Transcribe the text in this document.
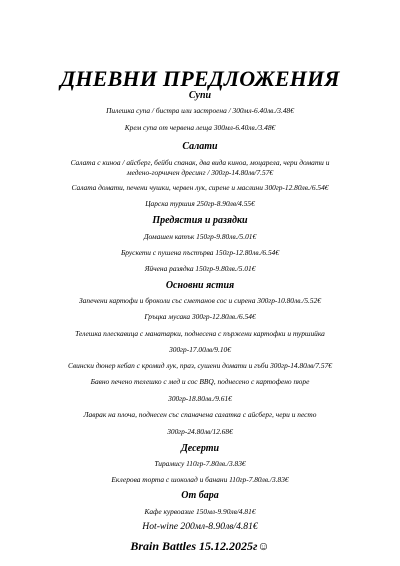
ДНЕВНИ ПРЕДЛОЖЕНИЯ
Супи
Пилешка супа / бистра или застроена / 300мл-6.40лв./3.48€
Крем супа от червена леща 300мл-6.40лв./3.48€
Салати
Салата с киноа / айсберг, бейби спанак, два вида киноа, моцарела, чери домати и
медено-горчичен дресинг / 300гр-14.80лв/7.57€
Салата домати, печени чушки, червен лук, сирене и маслини 300гр-12.80лв./6.54€
Царска туршия 250гр-8.90лв/4.55€
Предястия и разядки
Домашен катък 150гр-9.80лв./5.01€
Брускети с пушена пъстърва 150гр-12.80лв./6.54€
Яйчена разядка 150гр-9.80лв./5.01€
Основни ястия
Запечени картофи и броколи със сметанов сос и сирена 300гр-10.80лв./5.52€
Гръцка мусака 300гр-12.80лв./6.54€
Телешка плескавица с манатарки, поднесена с пържени картофки и туршийка
300гр-17.00лв/9.10€
Свински дюнер кебап с кромид лук, праз, сушени домати и гъби 300гр-14.80лв/7.57€
Бавно печено телешко с мед и сос BBQ, поднесено с картофено пюре
300гр-18.80лв./9.61€
Лаврак на плоча, поднесен със спаначена салатка с айсберг, чери и песто
300гр-24.80лв/12.68€
Десерти
Тирамису 110гр-7.80лв./3.83€
Еклерова торта с шоколад и банани 110гр-7.80лв./3.83€
От бара
Кафе курвоазие 150мл-9.90лв/4.81€
Hot-wine 200мл-8.90лв/4.81€
Brain Battles 15.12.2025г☺
